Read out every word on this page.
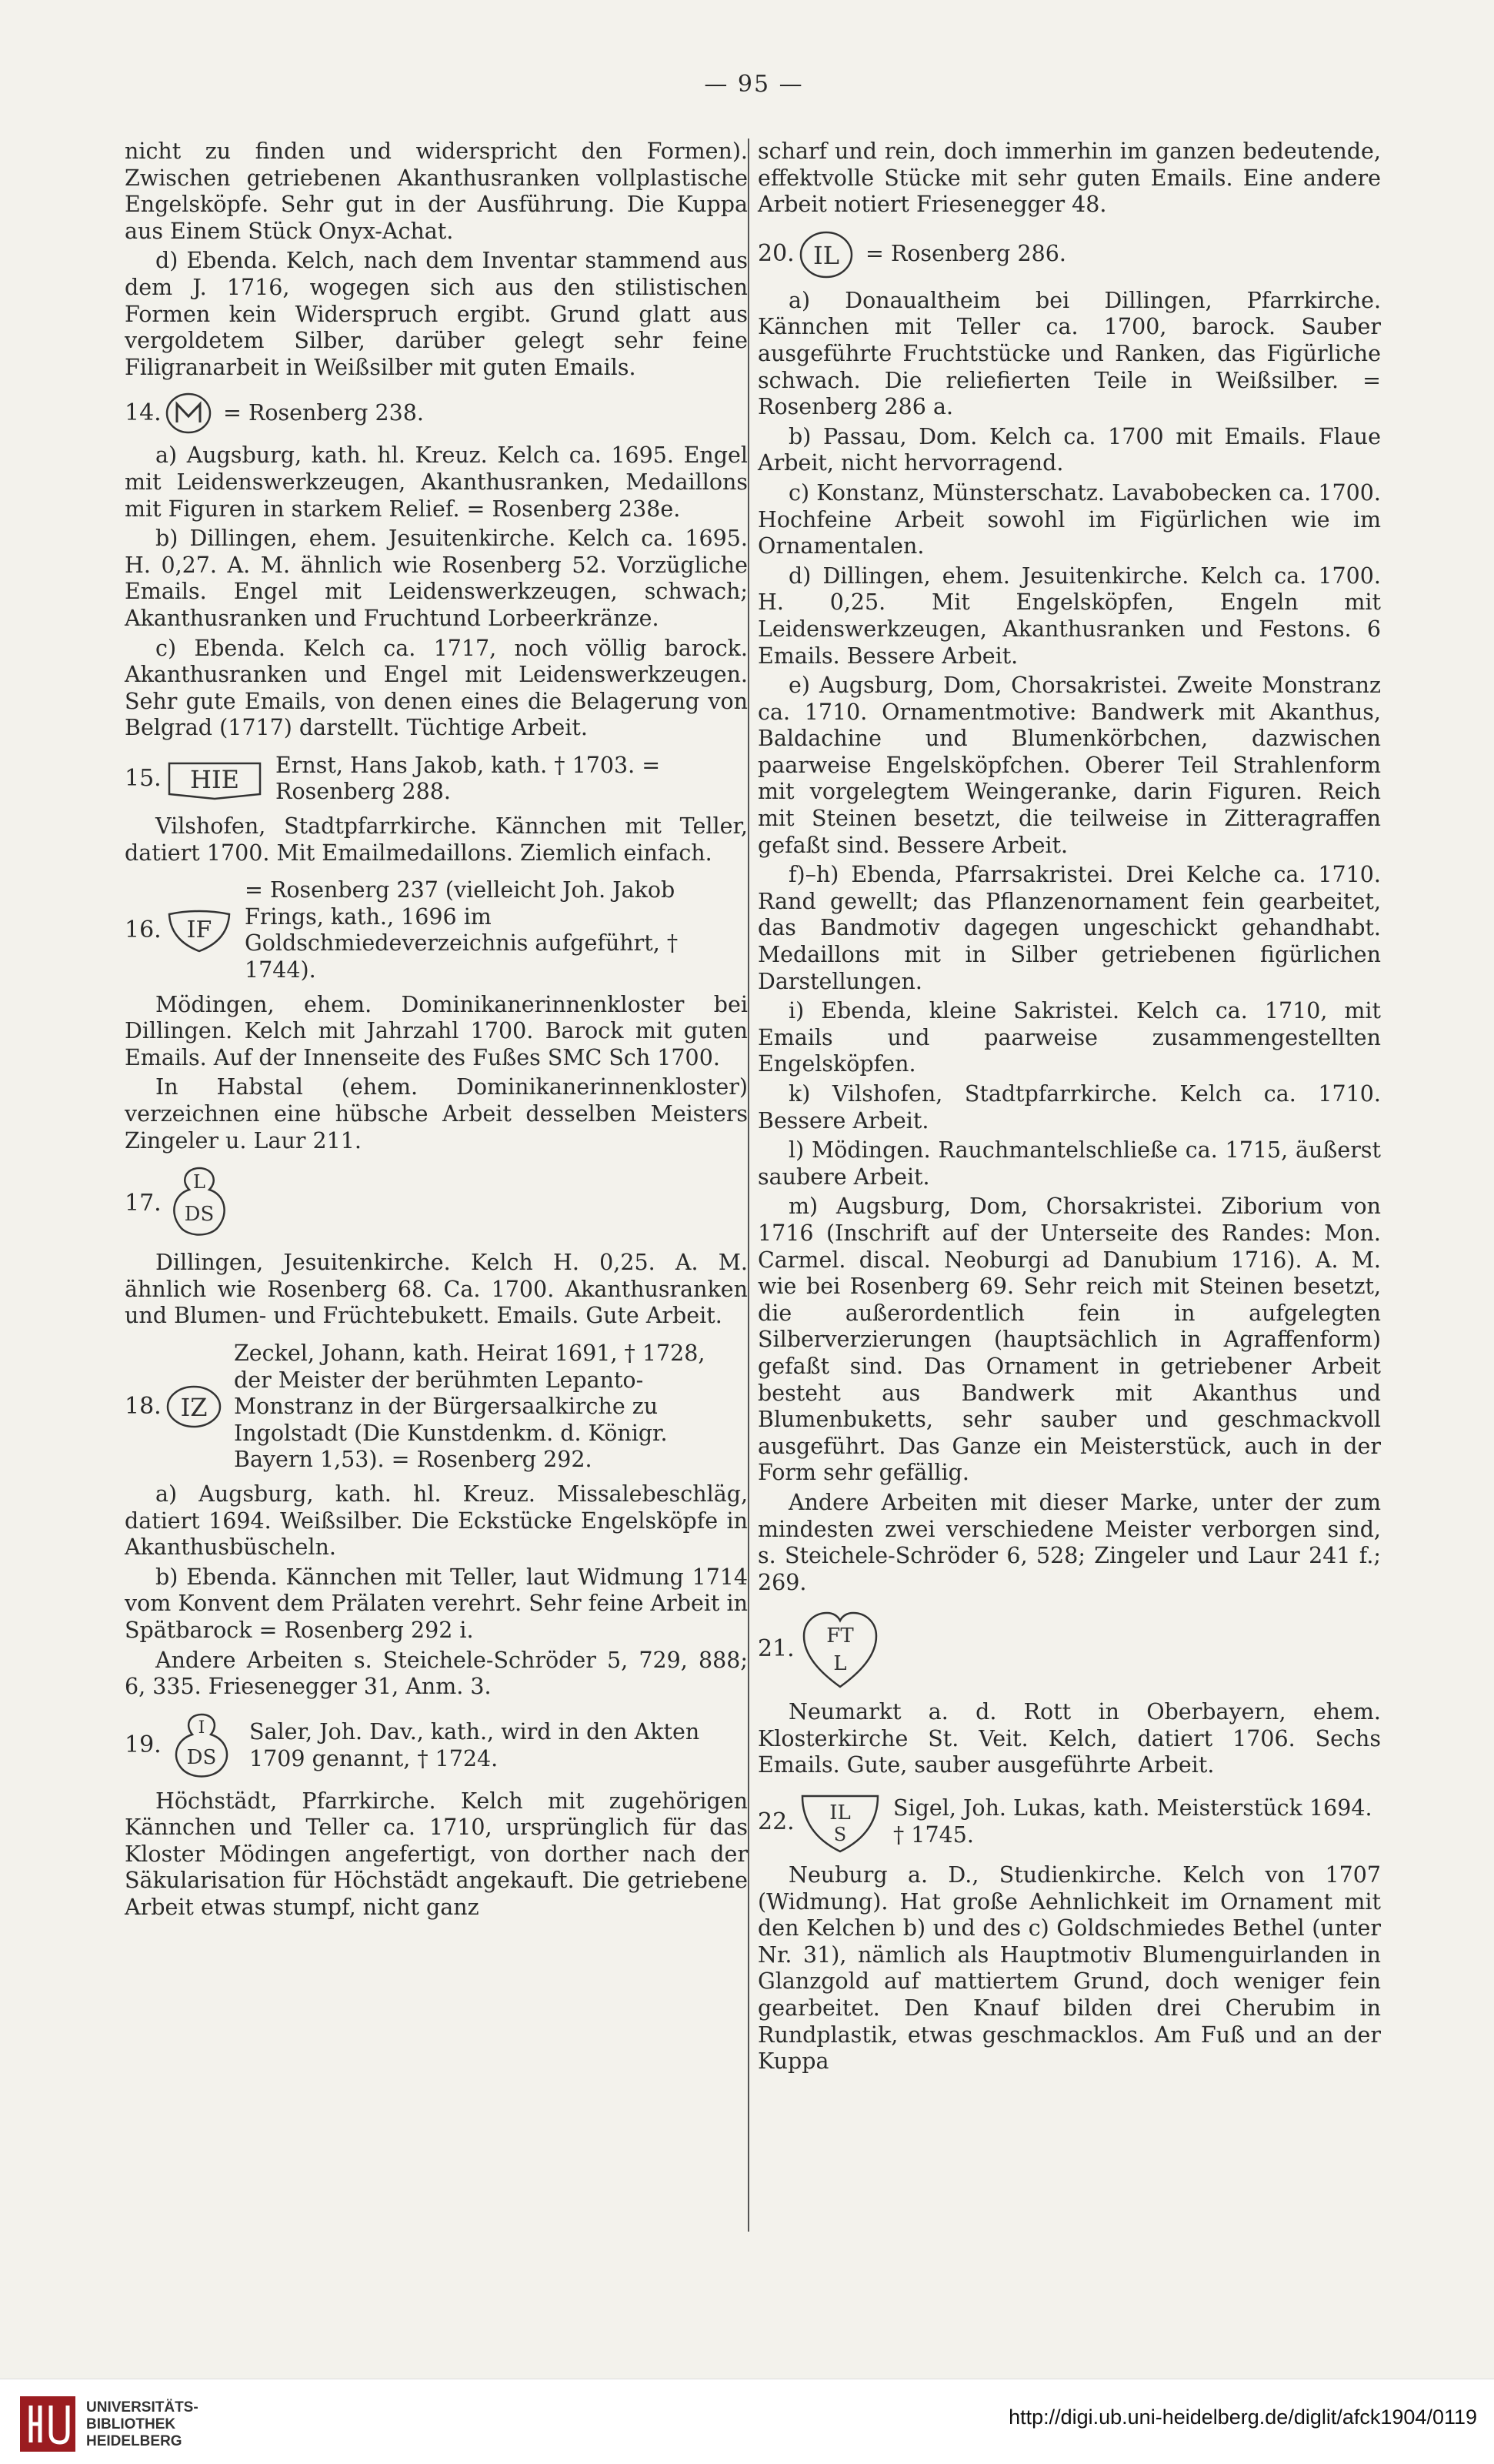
— 95 —

nicht zu finden und widerspricht den Formen). Zwischen getriebenen Akanthusranken vollplastische Engelsköpfe. Sehr gut in der Ausführung. Die Kuppa aus Einem Stück Onyx-Achat.

d) Ebenda. Kelch, nach dem Inventar stammend aus dem J. 1716, wogegen sich aus den stilistischen Formen kein Widerspruch ergibt. Grund glatt aus vergoldetem Silber, darüber gelegt sehr feine Filigranarbeit in Weißsilber mit guten Emails.

14.	= Rosenberg 238.

a) Augsburg, kath. hl. Kreuz. Kelch ca. 1695. Engel mit Leidenswerkzeugen, Akanthusranken, Medaillons mit Figuren in starkem Relief. = Rosenberg 238e.

b) Dillingen, ehem. Jesuitenkirche. Kelch ca. 1695. H. 0,27. A. M. ähnlich wie Rosenberg 52. Vorzügliche Emails. Engel mit Leidenswerkzeugen, schwach; Akanthusranken und Fruchtund Lorbeerkränze.

c) Ebenda. Kelch ca. 1717, noch völlig barock. Akanthusranken und Engel mit Leidenswerkzeugen. Sehr gute Emails, von denen eines die Belagerung von Belgrad (1717) darstellt. Tüchtige Arbeit.

15. HIE
Ernst, Hans Jakob, kath. † 1703. = Rosenberg 288.

Vilshofen, Stadtpfarrkirche. Kännchen mit Teller, datiert 1700. Mit Emailmedaillons. Ziemlich einfach.

16. IF
= Rosenberg 237 (vielleicht Joh. Jakob Frings, kath., 1696 im Goldschmiedeverzeichnis aufgeführt, † 1744).

Mödingen, ehem. Dominikanerinnenkloster bei Dillingen. Kelch mit Jahrzahl 1700. Barock mit guten Emails. Auf der Innenseite des Fußes SMC Sch 1700.

In Habstal (ehem. Dominikanerinnenkloster) verzeichnen eine hübsche Arbeit desselben Meisters Zingeler u. Laur 211.

17.
L
DS

Dillingen, Jesuitenkirche. Kelch H. 0,25. A. M. ähnlich wie Rosenberg 68. Ca. 1700. Akanthusranken und Blumen- und Früchtebukett. Emails. Gute Arbeit.

18. IZ
Zeckel, Johann, kath. Heirat 1691, † 1728, der Meister der berühmten Lepanto-Monstranz in der Bürgersaalkirche zu Ingolstadt (Die Kunstdenkm. d. Königr. Bayern 1,53). = Rosenberg 292.

a) Augsburg, kath. hl. Kreuz. Missalebeschläg, datiert 1694. Weißsilber. Die Eckstücke Engelsköpfe in Akanthusbüscheln.

b) Ebenda. Kännchen mit Teller, laut Widmung 1714 vom Konvent dem Prälaten verehrt. Sehr feine Arbeit in Spätbarock = Rosenberg 292 i.

Andere Arbeiten s. Steichele-Schröder 5, 729, 888; 6, 335. Friesenegger 31, Anm. 3.

19.
I
DS
Saler, Joh. Dav., kath., wird in den Akten 1709 genannt, † 1724.

Höchstädt, Pfarrkirche. Kelch mit zugehörigen Kännchen und Teller ca. 1710, ursprünglich für das Kloster Mödingen angefertigt, von dorther nach der Säkularisation für Höchstädt angekauft. Die getriebene Arbeit etwas stumpf, nicht ganz

scharf und rein, doch immerhin im ganzen bedeutende, effektvolle Stücke mit sehr guten Emails. Eine andere Arbeit notiert Friesenegger 48.

20. IL = Rosenberg 286.

a) Donaualtheim bei Dillingen, Pfarrkirche. Kännchen mit Teller ca. 1700, barock. Sauber ausgeführte Fruchtstücke und Ranken, das Figürliche schwach. Die reliefierten Teile in Weißsilber. = Rosenberg 286 a.

b) Passau, Dom. Kelch ca. 1700 mit Emails. Flaue Arbeit, nicht hervorragend.

c) Konstanz, Münsterschatz. Lavabobecken ca. 1700. Hochfeine Arbeit sowohl im Figürlichen wie im Ornamentalen.

d) Dillingen, ehem. Jesuitenkirche. Kelch ca. 1700. H. 0,25. Mit Engelsköpfen, Engeln mit Leidenswerkzeugen, Akanthusranken und Festons. 6 Emails. Bessere Arbeit.

e) Augsburg, Dom, Chorsakristei. Zweite Monstranz ca. 1710. Ornamentmotive: Bandwerk mit Akanthus, Baldachine und Blumenkörbchen, dazwischen paarweise Engelsköpfchen. Oberer Teil Strahlenform mit vorgelegtem Weingeranke, darin Figuren. Reich mit Steinen besetzt, die teilweise in Zitteragraffen gefaßt sind. Bessere Arbeit.

f)–h) Ebenda, Pfarrsakristei. Drei Kelche ca. 1710. Rand gewellt; das Pflanzenornament fein gearbeitet, das Bandmotiv dagegen ungeschickt gehandhabt. Medaillons mit in Silber getriebenen figürlichen Darstellungen.

i) Ebenda, kleine Sakristei. Kelch ca. 1710, mit Emails und paarweise zusammengestellten Engelsköpfen.

k) Vilshofen, Stadtpfarrkirche. Kelch ca. 1710. Bessere Arbeit.

l) Mödingen. Rauchmantelschließe ca. 1715, äußerst saubere Arbeit.

m) Augsburg, Dom, Chorsakristei. Ziborium von 1716 (Inschrift auf der Unterseite des Randes: Mon. Carmel. discal. Neoburgi ad Danubium 1716). A. M. wie bei Rosenberg 69. Sehr reich mit Steinen besetzt, die außerordentlich fein in aufgelegten Silberverzierungen (hauptsächlich in Agraffenform) gefaßt sind. Das Ornament in getriebener Arbeit besteht aus Bandwerk mit Akanthus und Blumenbuketts, sehr sauber und geschmackvoll ausgeführt. Das Ganze ein Meisterstück, auch in der Form sehr gefällig.

Andere Arbeiten mit dieser Marke, unter der zum mindesten zwei verschiedene Meister verborgen sind, s. Steichele-Schröder 6, 528; Zingeler und Laur 241 f.; 269.

21. FT
L

Neumarkt a. d. Rott in Oberbayern, ehem. Klosterkirche St. Veit. Kelch, datiert 1706. Sechs Emails. Gute, sauber ausgeführte Arbeit.

22. IL
S
Sigel, Joh. Lukas, kath. Meisterstück 1694. † 1745.

Neuburg a. D., Studienkirche. Kelch von 1707 (Widmung). Hat große Aehnlichkeit im Ornament mit den Kelchen b) und des c) Goldschmiedes Bethel (unter Nr. 31), nämlich als Hauptmotiv Blumenguirlanden in Glanzgold auf mattiertem Grund, doch weniger fein gearbeitet. Den Knauf bilden drei Cherubim in Rundplastik, etwas geschmacklos. Am Fuß und an der Kuppa

UNIVERSITÄTS-
BIBLIOTHEK
HEIDELBERG
http://digi.ub.uni-heidelberg.de/diglit/afck1904/0119
